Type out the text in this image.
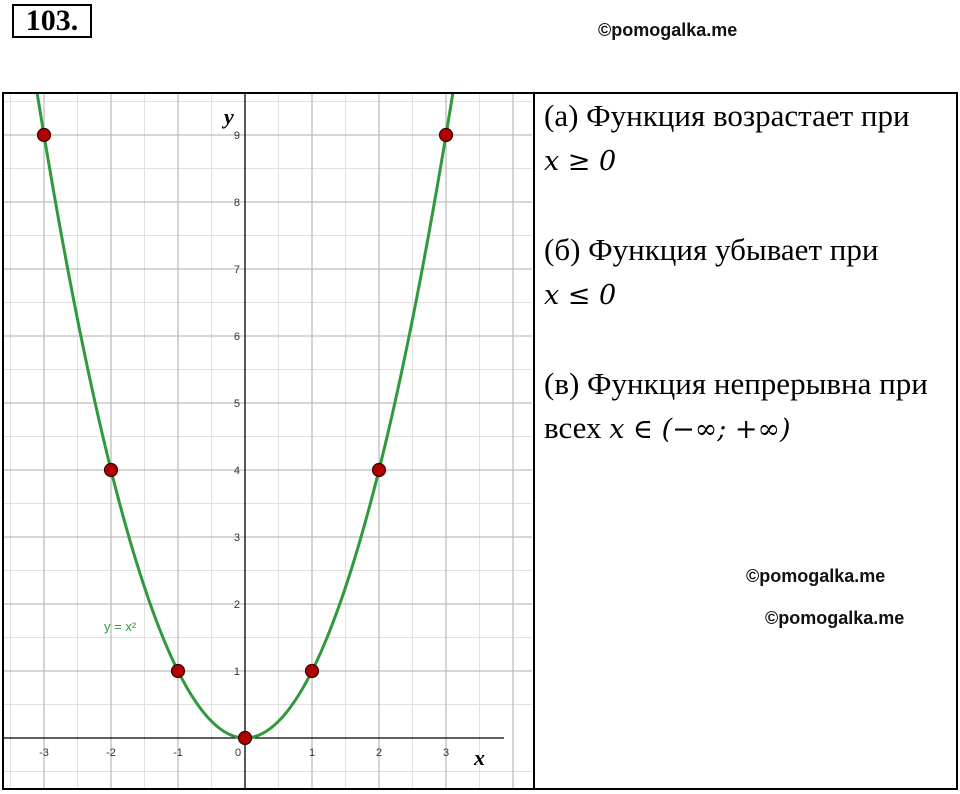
103.	©pomogalka.me
-3	-2	-1	0	1	2	3
1
2
3
4
5
6
7
8
9
y = x²
x
y	(а) Функция возрастает при
x ≥ 0
(б) Функция убывает при
x ≤ 0
(в) Функция непрерывна при
всех x ∈ (−∞; +∞)
©pomogalka.me
©pomogalka.me
